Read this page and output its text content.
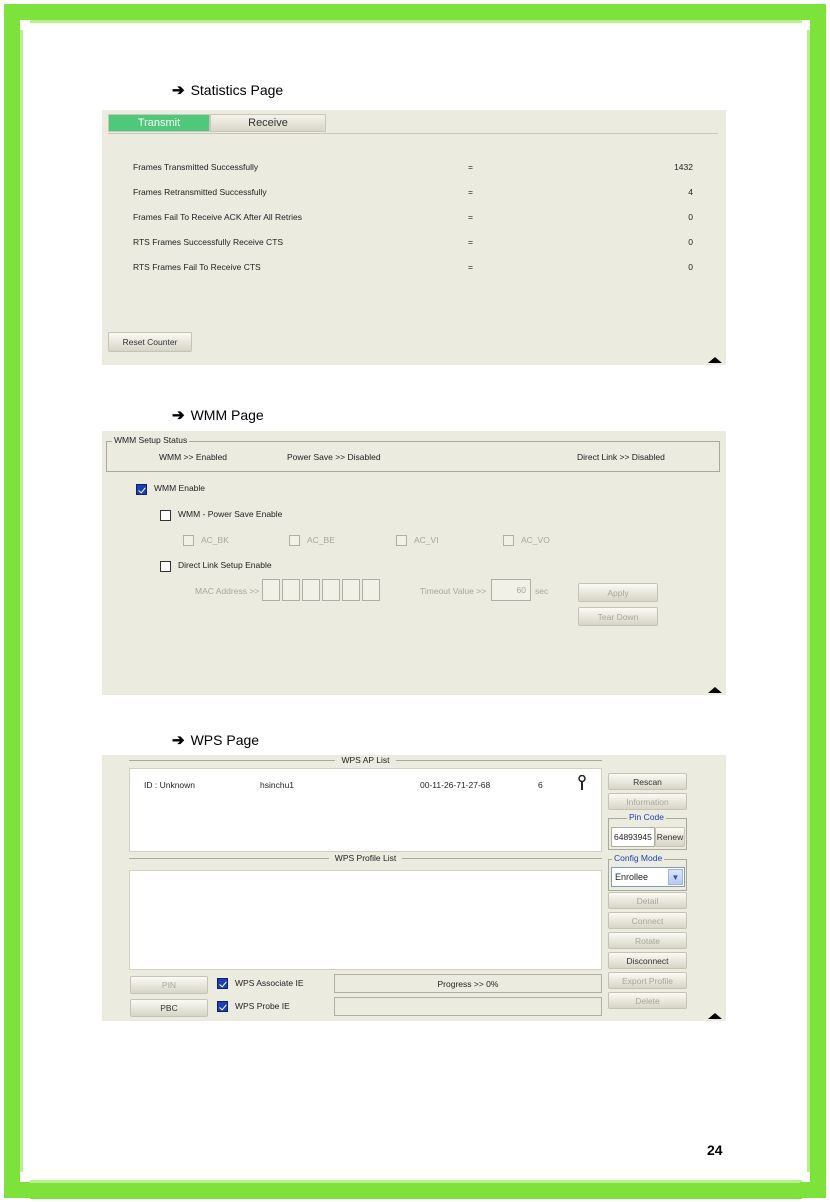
➔ Statistics Page
Transmit	Receive
Frames Transmitted Successfully	=	1432
Frames Retransmitted Successfully	=	4
Frames Fail To Receive ACK After All Retries	=	0
RTS Frames Successfully Receive CTS	=	0
RTS Frames Fail To Receive CTS	=	0
Reset Counter
➔ WMM Page
WMM Setup Status
WMM >> Enabled	Power Save >> Disabled	Direct Link >> Disabled
WMM Enable
WMM - Power Save Enable
AC_BK	AC_BE	AC_VI	AC_VO
Direct Link Setup Enable
MAC Address >>	Timeout Value >>	60	sec	Apply
Tear Down
➔ WPS Page
WPS AP List
ID : Unknown	hsinchu1	00-11-26-71-27-68	6
WPS Profile List
Rescan
Information
Pin Code
64893945 Renew
Config Mode
Enrollee	▼
Detail
Connect
Rotate
Disconnect
Export Profile
Delete
PIN
PBC
WPS Associate IE
WPS Probe IE
Progress >> 0%
24
